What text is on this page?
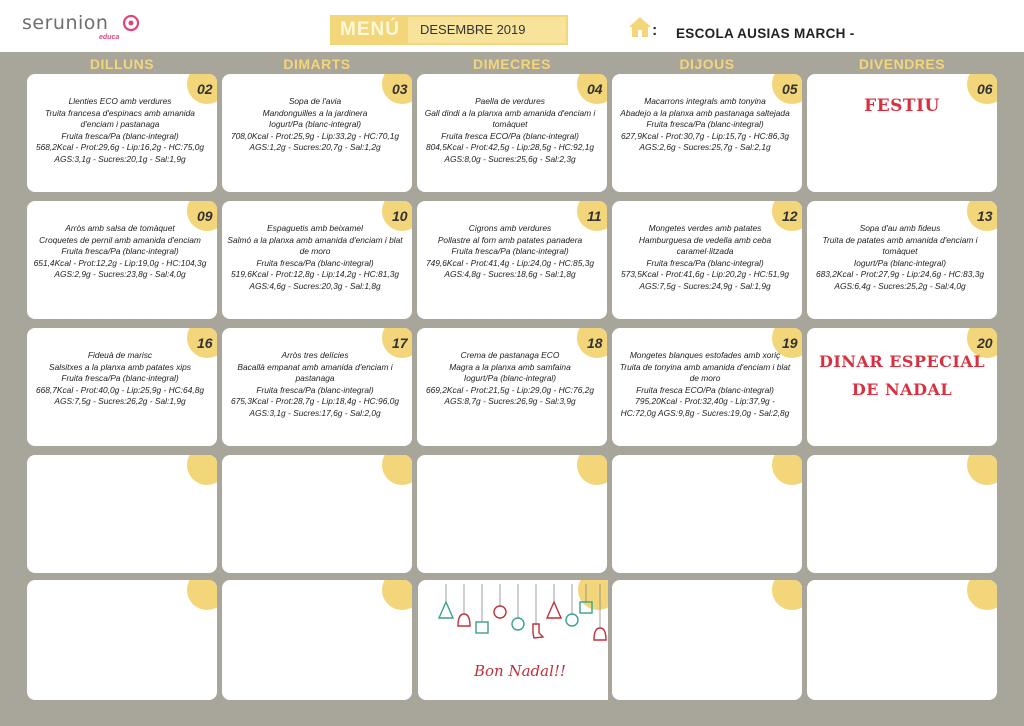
serunion
educa	MENÚ	DESEMBRE 2019	: ESCOLA AUSIAS MARCH -
DILLUNS	DIMARTS	DIMECRES	DIJOUS	DIVENDRES
02
Llenties ECO amb verdures
Truita francesa d'espinacs amb amanida d'enciam i pastanaga
Fruita fresca/Pa (blanc-integral)
568,2Kcal - Prot:29,6g - Lip:16,2g - HC:75,0g
AGS:3,1g - Sucres:20,1g - Sal:1,9g
03
Sopa de l'avia
Mandonguilles a la jardinera
Iogurt/Pa (blanc-integral)
708,0Kcal - Prot:25,9g - Lip:33,2g - HC:70,1g
AGS:1,2g - Sucres:20,7g - Sal:1,2g
04
Paella de verdures
Gall dindi a la planxa amb amanida d'enciam i tomàquet
Fruita fresca ECO/Pa (blanc-integral)
804,5Kcal - Prot:42,5g - Lip:28,5g - HC:92,1g
AGS:8,0g - Sucres:25,6g - Sal:2,3g
05
Macarrons integrals amb tonyina
Abadejo a la planxa amb pastanaga saltejada
Fruita fresca/Pa (blanc-integral)
627,9Kcal - Prot:30,7g - Lip:15,7g - HC:86,3g
AGS:2,6g - Sucres:25,7g - Sal:2,1g
06
FESTIU
09
Arròs amb salsa de tomàquet
Croquetes de pernil amb amanida d'enciam
Fruita fresca/Pa (blanc-integral)
651,4Kcal - Prot:12,2g - Lip:19,0g - HC:104,3g
AGS:2,9g - Sucres:23,8g - Sal:4,0g
10
Espaguetis amb beixamel
Salmó a la planxa amb amanida d'enciam i blat de moro
Fruita fresca/Pa (blanc-integral)
519,6Kcal - Prot:12,8g - Lip:14,2g - HC:81,3g
AGS:4,6g - Sucres:20,3g - Sal:1,8g
11
Cigrons amb verdures
Pollastre al forn amb patates panadera
Fruita fresca/Pa (blanc-integral)
749,6Kcal - Prot:41,4g - Lip:24,0g - HC:85,3g
AGS:4,8g - Sucres:18,6g - Sal:1,8g
12
Mongetes verdes amb patates
Hamburguesa de vedella amb ceba caramel·litzada
Fruita fresca/Pa (blanc-integral)
573,5Kcal - Prot:41,6g - Lip:20,2g - HC:51,9g
AGS:7,5g - Sucres:24,9g - Sal:1,9g
13
Sopa d'au amb fideus
Truita de patates amb amanida d'enciam i tomàquet
Iogurt/Pa (blanc-integral)
683,2Kcal - Prot:27,9g - Lip:24,6g - HC:83,3g
AGS:6,4g - Sucres:25,2g - Sal:4,0g
16
Fideuà de marisc
Salsitxes a la planxa amb patates xips
Fruita fresca/Pa (blanc-integral)
668,7Kcal - Prot:40,0g - Lip:25,9g - HC:64,8g
AGS:7,5g - Sucres:26,2g - Sal:1,9g
17
Arròs tres delícies
Bacallà empanat amb amanida d'enciam i pastanaga
Fruita fresca/Pa (blanc-integral)
675,3Kcal - Prot:28,7g - Lip:18,4g - HC:96,0g
AGS:3,1g - Sucres:17,6g - Sal:2,0g
18
Crema de pastanaga ECO
Magra a la planxa amb samfaina
Iogurt/Pa (blanc-integral)
669,2Kcal - Prot:21,5g - Lip:29,0g - HC:76,2g
AGS:8,7g - Sucres:26,9g - Sal:3,9g
19
Mongetes blanques estofades amb xoriç
Truita de tonyina amb amanida d'enciam i blat de moro
Fruita fresca ECO/Pa (blanc-integral)
795,20Kcal - Prot:32,40g - Lip:37,9g -
HC:72,0g AGS:9,8g - Sucres:19,0g - Sal:2,8g
20
DINAR ESPECIAL
DE NADAL
Bon Nadal!!
